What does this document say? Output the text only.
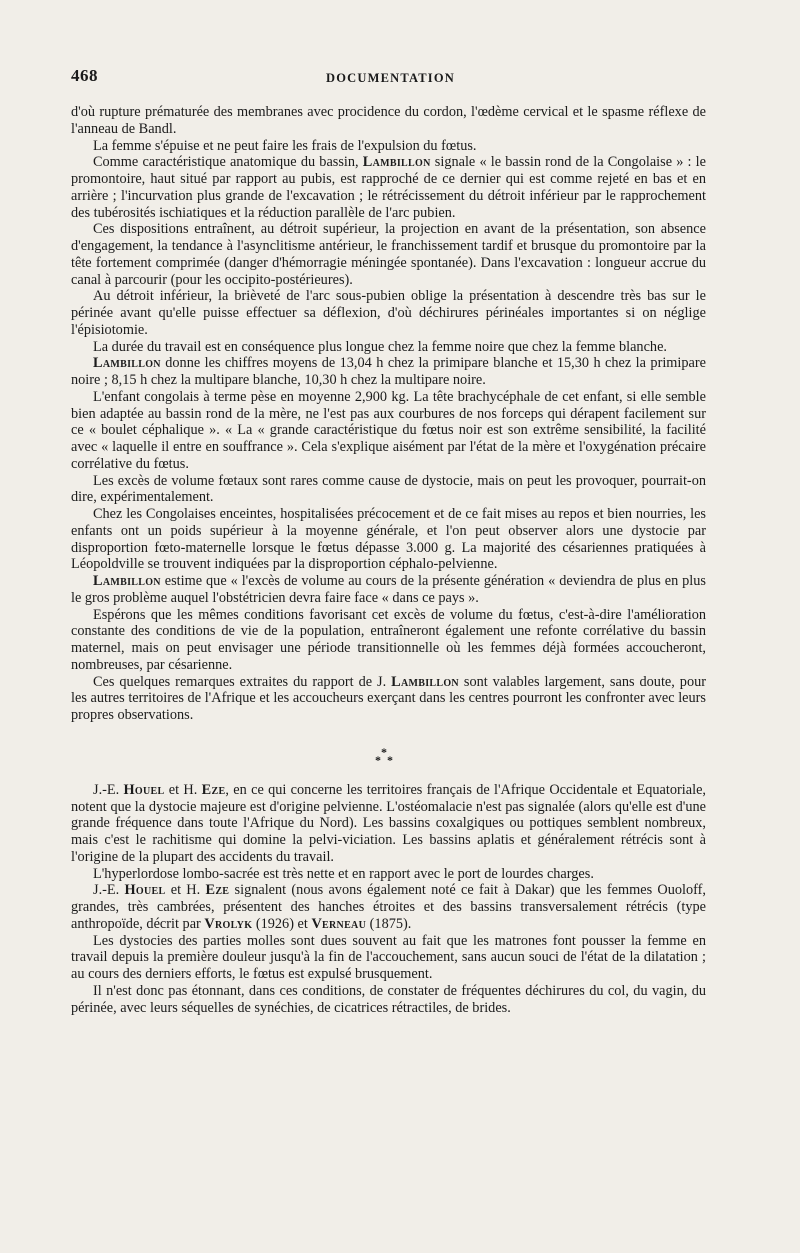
468	DOCUMENTATION

d'où rupture prématurée des membranes avec procidence du cordon, l'œdème cervical et le spasme réflexe de l'anneau de Bandl.

La femme s'épuise et ne peut faire les frais de l'expulsion du fœtus.

Comme caractéristique anatomique du bassin, Lambillon signale « le bassin rond de la Congolaise » : le promontoire, haut situé par rapport au pubis, est rapproché de ce dernier qui est comme rejeté en bas et en arrière ; l'incurvation plus grande de l'excavation ; le rétrécissement du détroit inférieur par le rapprochement des tubérosités ischiatiques et la réduction parallèle de l'arc pubien.

Ces dispositions entraînent, au détroit supérieur, la projection en avant de la présentation, son absence d'engagement, la tendance à l'asynclitisme antérieur, le franchissement tardif et brusque du promontoire par la tête fortement comprimée (danger d'hémorragie méningée spontanée). Dans l'excavation : longueur accrue du canal à parcourir (pour les occipito-postérieures).

Au détroit inférieur, la brièveté de l'arc sous-pubien oblige la présentation à descendre très bas sur le périnée avant qu'elle puisse effectuer sa déflexion, d'où déchirures périnéales importantes si on néglige l'épisiotomie.

La durée du travail est en conséquence plus longue chez la femme noire que chez la femme blanche.

Lambillon donne les chiffres moyens de 13,04 h chez la primipare blanche et 15,30 h chez la primipare noire ; 8,15 h chez la multipare blanche, 10,30 h chez la multipare noire.

L'enfant congolais à terme pèse en moyenne 2,900 kg. La tête brachycéphale de cet enfant, si elle semble bien adaptée au bassin rond de la mère, ne l'est pas aux courbures de nos forceps qui dérapent facilement sur ce « boulet céphalique ». « La « grande caractéristique du fœtus noir est son extrême sensibilité, la facilité avec « laquelle il entre en souffrance ». Cela s'explique aisément par l'état de la mère et l'oxygénation précaire corrélative du fœtus.

Les excès de volume fœtaux sont rares comme cause de dystocie, mais on peut les provoquer, pourrait-on dire, expérimentalement.

Chez les Congolaises enceintes, hospitalisées précocement et de ce fait mises au repos et bien nourries, les enfants ont un poids supérieur à la moyenne générale, et l'on peut observer alors une dystocie par disproportion fœto-maternelle lorsque le fœtus dépasse 3.000 g. La majorité des césariennes pratiquées à Léopoldville se trouvent indiquées par la disproportion céphalo-pelvienne.

Lambillon estime que « l'excès de volume au cours de la présente génération « deviendra de plus en plus le gros problème auquel l'obstétricien devra faire face « dans ce pays ».

Espérons que les mêmes conditions favorisant cet excès de volume du fœtus, c'est-à-dire l'amélioration constante des conditions de vie de la population, entraîneront également une refonte corrélative du bassin maternel, mais on peut envisager une période transitionnelle où les femmes déjà formées accoucheront, nombreuses, par césarienne.

Ces quelques remarques extraites du rapport de J. Lambillon sont valables largement, sans doute, pour les autres territoires de l'Afrique et les accoucheurs exerçant dans les centres pourront les confronter avec leurs propres observations.

*
* *

J.-E. Houel et H. Eze, en ce qui concerne les territoires français de l'Afrique Occidentale et Equatoriale, notent que la dystocie majeure est d'origine pelvienne. L'ostéomalacie n'est pas signalée (alors qu'elle est d'une grande fréquence dans toute l'Afrique du Nord). Les bassins coxalgiques ou pottiques semblent nombreux, mais c'est le rachitisme qui domine la pelvi-viciation. Les bassins aplatis et généralement rétrécis sont à l'origine de la plupart des accidents du travail.

L'hyperlordose lombo-sacrée est très nette et en rapport avec le port de lourdes charges.

J.-E. Houel et H. Eze signalent (nous avons également noté ce fait à Dakar) que les femmes Ouoloff, grandes, très cambrées, présentent des hanches étroites et des bassins transversalement rétrécis (type anthropoïde, décrit par Vrolyk (1926) et Verneau (1875).

Les dystocies des parties molles sont dues souvent au fait que les matrones font pousser la femme en travail depuis la première douleur jusqu'à la fin de l'accouchement, sans aucun souci de l'état de la dilatation ; au cours des derniers efforts, le fœtus est expulsé brusquement.

Il n'est donc pas étonnant, dans ces conditions, de constater de fréquentes déchirures du col, du vagin, du périnée, avec leurs séquelles de synéchies, de cicatrices rétractiles, de brides.
